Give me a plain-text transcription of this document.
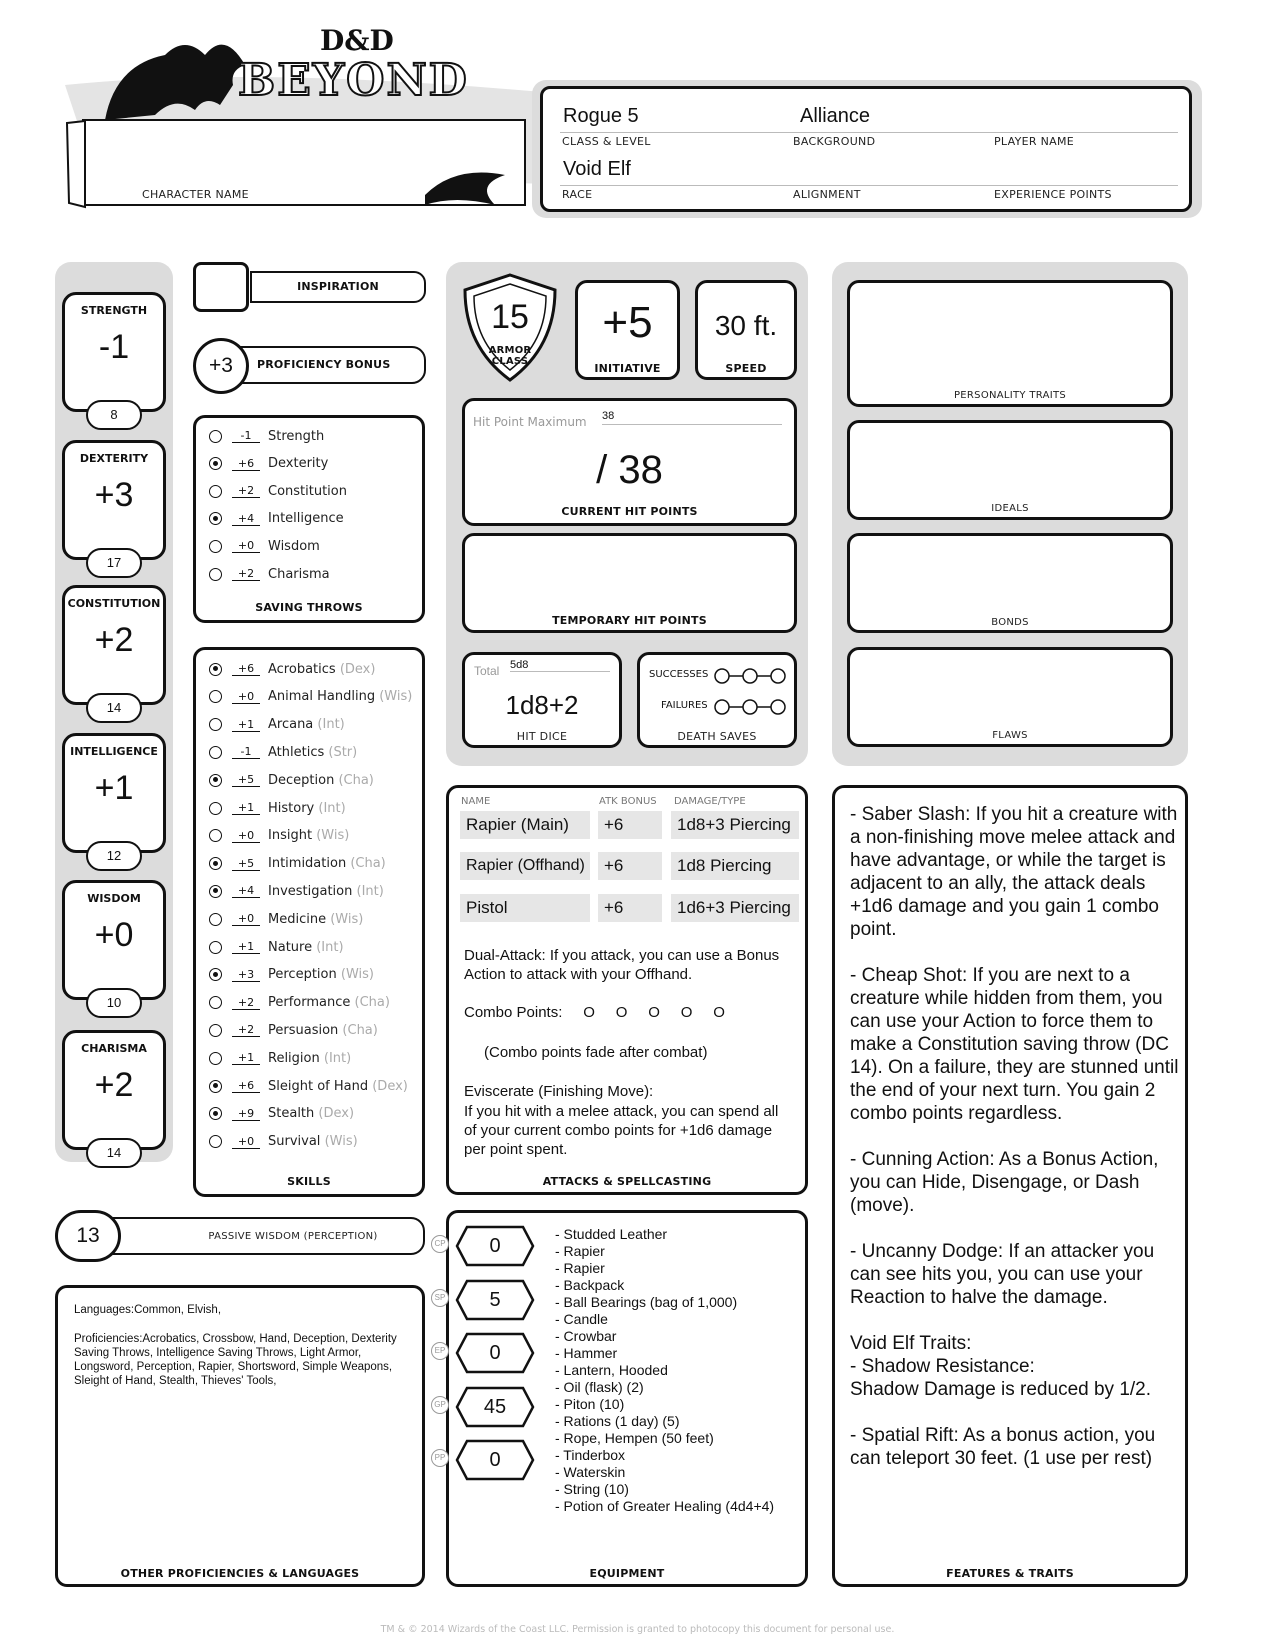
D&D
BEYOND
CHARACTER NAME
Rogue 5	Alliance
CLASS & LEVEL	BACKGROUND	PLAYER NAME
Void Elf
RACE	ALIGNMENT	EXPERIENCE POINTS
STRENGTH
-1
8
DEXTERITY
+3
17
CONSTITUTION
+2
14
INTELLIGENCE
+1
12
WISDOM
+0
10
CHARISMA
+2
14
INSPIRATION
PROFICIENCY BONUS
+3
-1	Strength
+6	Dexterity
+2	Constitution
+4	Intelligence
+0	Wisdom
+2	Charisma
SAVING THROWS
+6	Acrobatics (Dex)
+0	Animal Handling (Wis)
+1	Arcana (Int)
-1	Athletics (Str)
+5	Deception (Cha)
+1	History (Int)
+0	Insight (Wis)
+5	Intimidation (Cha)
+4	Investigation (Int)
+0	Medicine (Wis)
+1	Nature (Int)
+3	Perception (Wis)
+2	Performance (Cha)
+2	Persuasion (Cha)
+1	Religion (Int)
+6	Sleight of Hand (Dex)
+9	Stealth (Dex)
+0	Survival (Wis)
SKILLS
PASSIVE WISDOM (PERCEPTION)
13
Languages:Common, Elvish,
Proficiencies:Acrobatics, Crossbow, Hand, Deception, Dexterity Saving Throws, Intelligence Saving Throws, Light Armor, Longsword, Perception, Rapier, Shortsword, Simple Weapons, Sleight of Hand, Stealth, Thieves' Tools,
OTHER PROFICIENCIES & LANGUAGES
15
ARMOR
CLASS
+5
INITIATIVE
30 ft.
SPEED
Hit Point Maximum 38
/ 38
CURRENT HIT POINTS
TEMPORARY HIT POINTS
Total 5d8
1d8+2
HIT DICE
SUCCESSES
FAILURES
DEATH SAVES
NAME	ATK BONUS DAMAGE/TYPE
Rapier (Main)	+6	1d8+3 Piercing
Rapier (Offhand)	+6	1d8 Piercing
Pistol	+6	1d6+3 Piercing
Dual-Attack: If you attack, you can use a Bonus Action to attack with your Offhand.
Combo Points:     O     O     O     O     O
(Combo points fade after combat)
Eviscerate (Finishing Move):
If you hit with a melee attack, you can spend all of your current combo points for +1d6 damage per point spent.
ATTACKS & SPELLCASTING
CP	0
SP	5
EP	0
GP	45
PP	0
- Studded Leather
- Rapier
- Rapier
- Backpack
- Ball Bearings (bag of 1,000)
- Candle
- Crowbar
- Hammer
- Lantern, Hooded
- Oil (flask) (2)
- Piton (10)
- Rations (1 day) (5)
- Rope, Hempen (50 feet)
- Tinderbox
- Waterskin
- String (10)
- Potion of Greater Healing (4d4+4)
EQUIPMENT
PERSONALITY TRAITS
IDEALS
BONDS
FLAWS
- Saber Slash: If you hit a creature with a non-finishing move melee attack and have advantage, or while the target is adjacent to an ally, the attack deals +1d6 damage and you gain 1 combo point.
- Cheap Shot: If you are next to a creature while hidden from them, you can use your Action to force them to make a Constitution saving throw (DC 14). On a failure, they are stunned until the end of your next turn. You gain 2 combo points regardless.
- Cunning Action: As a Bonus Action, you can Hide, Disengage, or Dash (move).
- Uncanny Dodge: If an attacker you can see hits you, you can use your Reaction to halve the damage.
Void Elf Traits:
- Shadow Resistance:
Shadow Damage is reduced by 1/2.
- Spatial Rift: As a bonus action, you can teleport 30 feet. (1 use per rest)
FEATURES & TRAITS
TM & © 2014 Wizards of the Coast LLC. Permission is granted to photocopy this document for personal use.
